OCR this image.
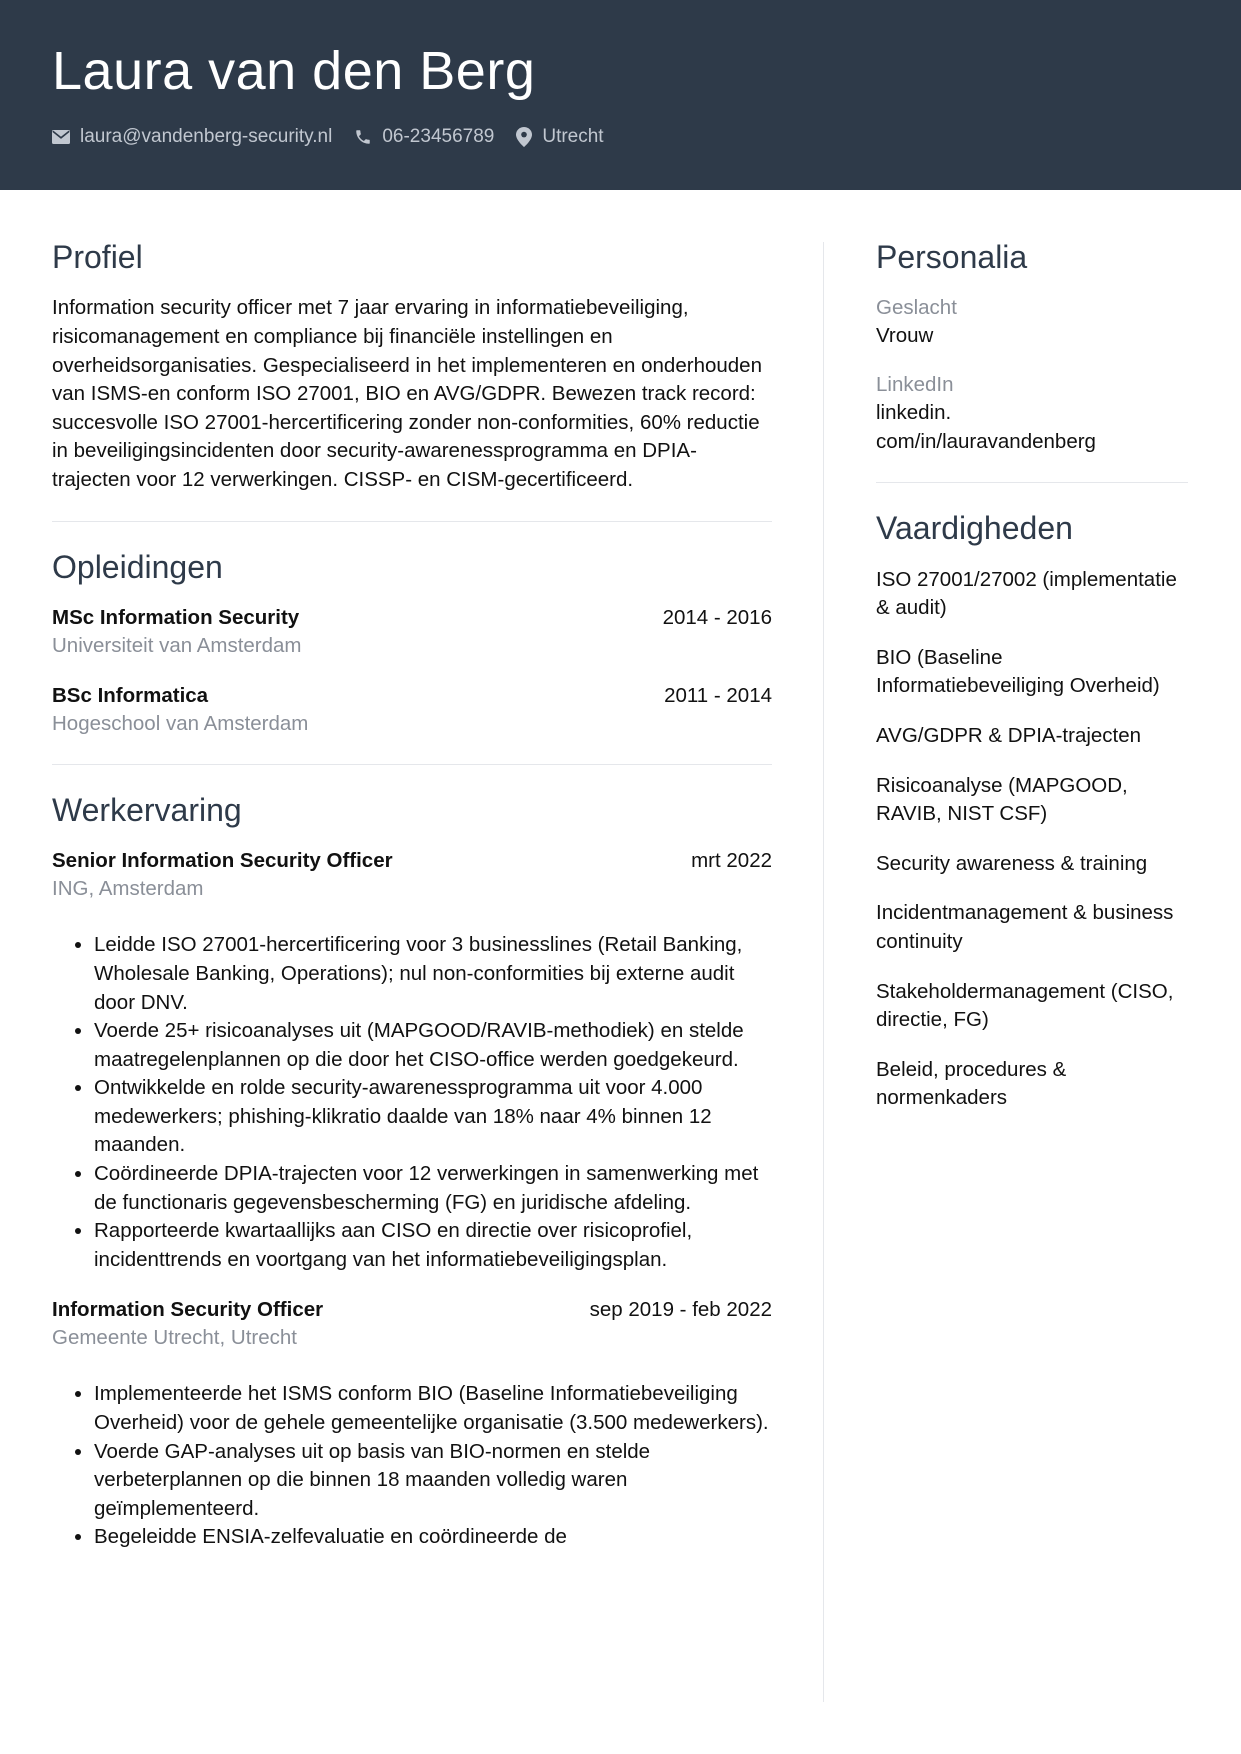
Laura van den Berg
laura@vandenberg-security.nl	06-23456789	Utrecht
Profiel

Information security officer met 7 jaar ervaring in informatiebeveiliging, risicomanagement en compliance bij financiële instellingen en overheidsorganisaties. Gespecialiseerd in het implementeren en onderhouden van ISMS-en conform ISO 27001, BIO en AVG/GDPR. Bewezen track record: succesvolle ISO 27001-hercertificering zonder non-conformities, 60% reductie in beveiligingsincidenten door security-awarenessprogramma en DPIA-trajecten voor 12 verwerkingen. CISSP- en CISM-gecertificeerd.

Opleidingen
MSc Information Security	2014 - 2016
Universiteit van Amsterdam
BSc Informatica	2011 - 2014
Hogeschool van Amsterdam
Werkervaring
Senior Information Security Officer	mrt 2022
ING, Amsterdam
• Leidde ISO 27001-hercertificering voor 3 businesslines (Retail Banking, Wholesale Banking, Operations); nul non-conformities bij externe audit door DNV.
• Voerde 25+ risicoanalyses uit (MAPGOOD/RAVIB-methodiek) en stelde maatregelenplannen op die door het CISO-office werden goedgekeurd.
• Ontwikkelde en rolde security-awarenessprogramma uit voor 4.000 medewerkers; phishing-klikratio daalde van 18% naar 4% binnen 12 maanden.
• Coördineerde DPIA-trajecten voor 12 verwerkingen in samenwerking met de functionaris gegevensbescherming (FG) en juridische afdeling.
• Rapporteerde kwartaallijks aan CISO en directie over risicoprofiel, incidenttrends en voortgang van het informatiebeveiligingsplan.
Information Security Officer	sep 2019 - feb 2022
Gemeente Utrecht, Utrecht
• Implementeerde het ISMS conform BIO (Baseline Informatiebeveiliging Overheid) voor de gehele gemeentelijke organisatie (3.500 medewerkers).
• Voerde GAP-analyses uit op basis van BIO-normen en stelde verbeterplannen op die binnen 18 maanden volledig waren geïmplementeerd.
• Begeleidde ENSIA-zelfevaluatie en coördineerde de
Personalia
Geslacht
Vrouw
LinkedIn
linkedin.
com/in/lauravandenberg
Vaardigheden
ISO 27001/27002 (implementatie & audit)
BIO (Baseline Informatiebeveiliging Overheid)
AVG/GDPR & DPIA-trajecten
Risicoanalyse (MAPGOOD, RAVIB, NIST CSF)
Security awareness & training
Incidentmanagement & business continuity
Stakeholdermanagement (CISO, directie, FG)
Beleid, procedures & normenkaders
